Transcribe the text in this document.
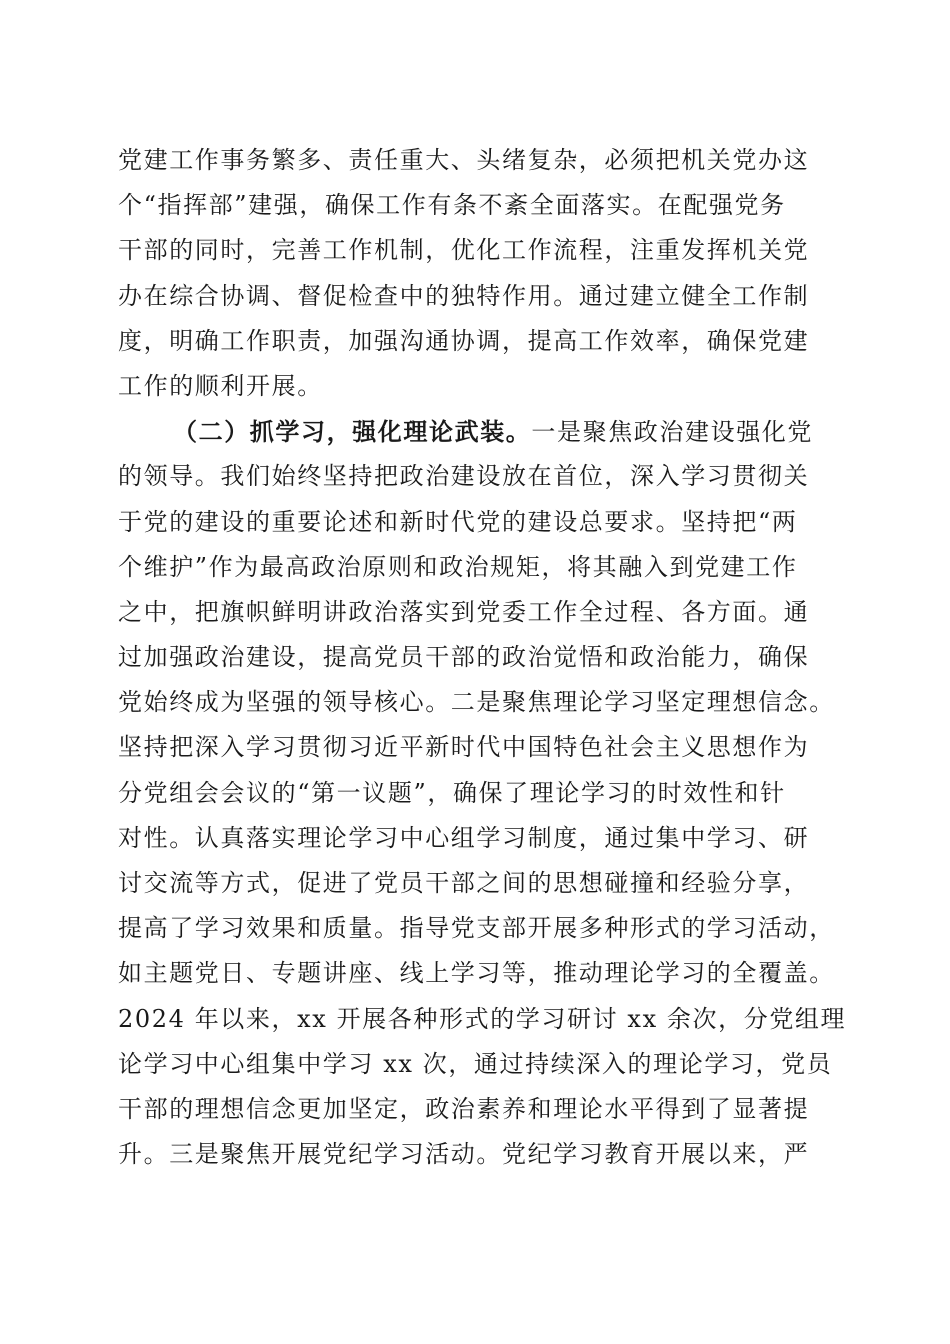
党建工作事务繁多、责任重大、头绪复杂，必须把机关党办这
个“指挥部”建强，确保工作有条不紊全面落实。在配强党务
干部的同时，完善工作机制，优化工作流程，注重发挥机关党
办在综合协调、督促检查中的独特作用。通过建立健全工作制
度，明确工作职责，加强沟通协调，提高工作效率，确保党建
工作的顺利开展。
（二）抓学习，强化理论武装。一是聚焦政治建设强化党
的领导。我们始终坚持把政治建设放在首位，深入学习贯彻关
于党的建设的重要论述和新时代党的建设总要求。坚持把“两
个维护”作为最高政治原则和政治规矩，将其融入到党建工作
之中，把旗帜鲜明讲政治落实到党委工作全过程、各方面。通
过加强政治建设，提高党员干部的政治觉悟和政治能力，确保
党始终成为坚强的领导核心。二是聚焦理论学习坚定理想信念。
坚持把深入学习贯彻习近平新时代中国特色社会主义思想作为
分党组会会议的“第一议题”，确保了理论学习的时效性和针
对性。认真落实理论学习中心组学习制度，通过集中学习、研
讨交流等方式，促进了党员干部之间的思想碰撞和经验分享，
提高了学习效果和质量。指导党支部开展多种形式的学习活动，
如主题党日、专题讲座、线上学习等，推动理论学习的全覆盖。
2024 年以来，xx 开展各种形式的学习研讨 xx 余次，分党组理
论学习中心组集中学习 xx 次，通过持续深入的理论学习，党员
干部的理想信念更加坚定，政治素养和理论水平得到了显著提
升。三是聚焦开展党纪学习活动。党纪学习教育开展以来，严
